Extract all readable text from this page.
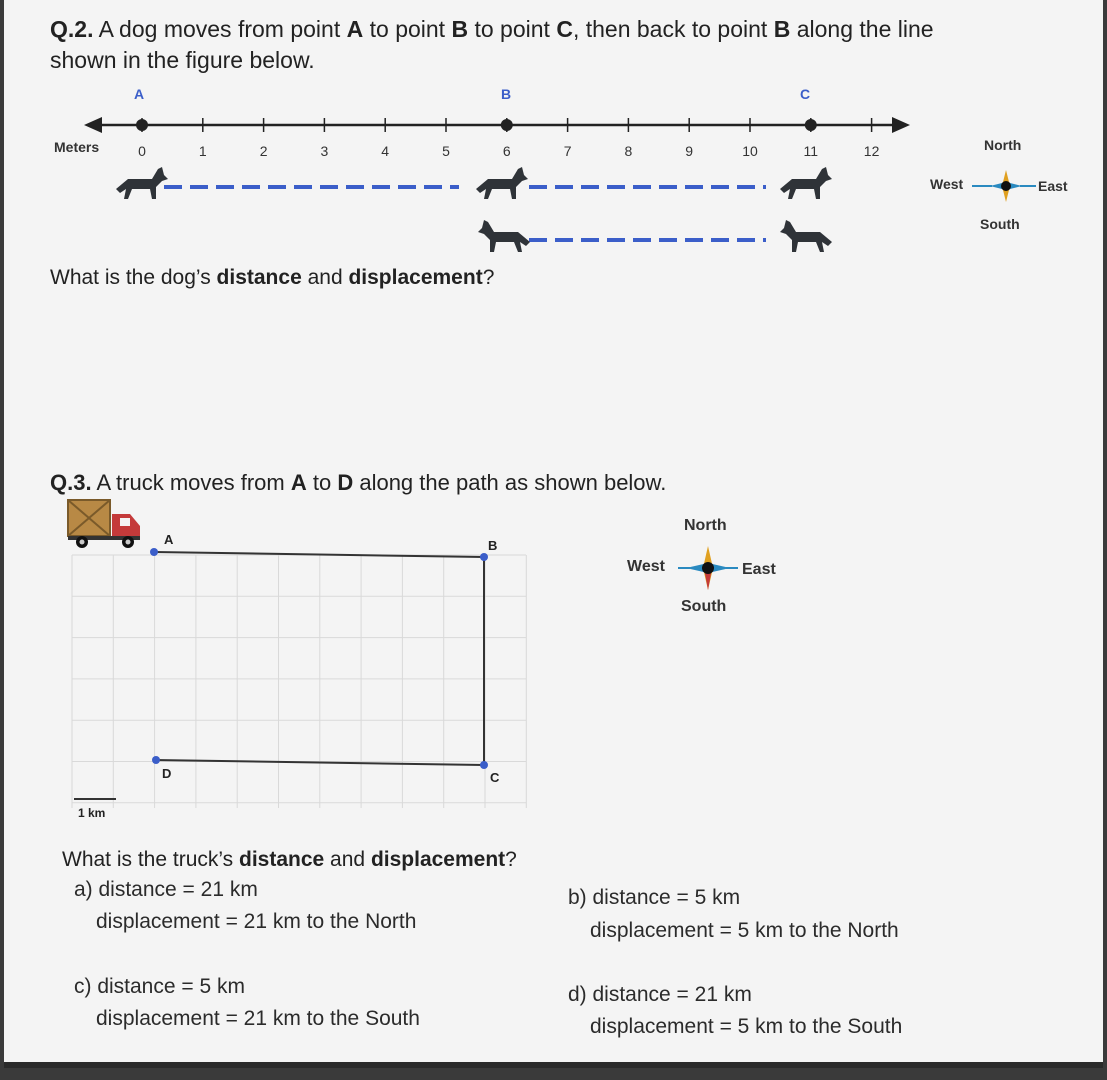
Q.2. A dog moves from point A to point B to point C, then back to point B along the line
shown in the figure below.
Meters	0	1	2	3	4	5	6	7	8	9	10	11	12
A	B	C
North
West	East
South
What is the dog’s distance and displacement?
Q.3. A truck moves from A to D along the path as shown below.
A	B
C
D
1 km
North
West	East
South
What is the truck’s distance and displacement?
a) distance = 21 km
displacement = 21 km to the North
b) distance = 5 km
displacement = 5 km to the North
c) distance = 5 km
displacement = 21 km to the South
d) distance = 21 km
displacement = 5 km to the South
